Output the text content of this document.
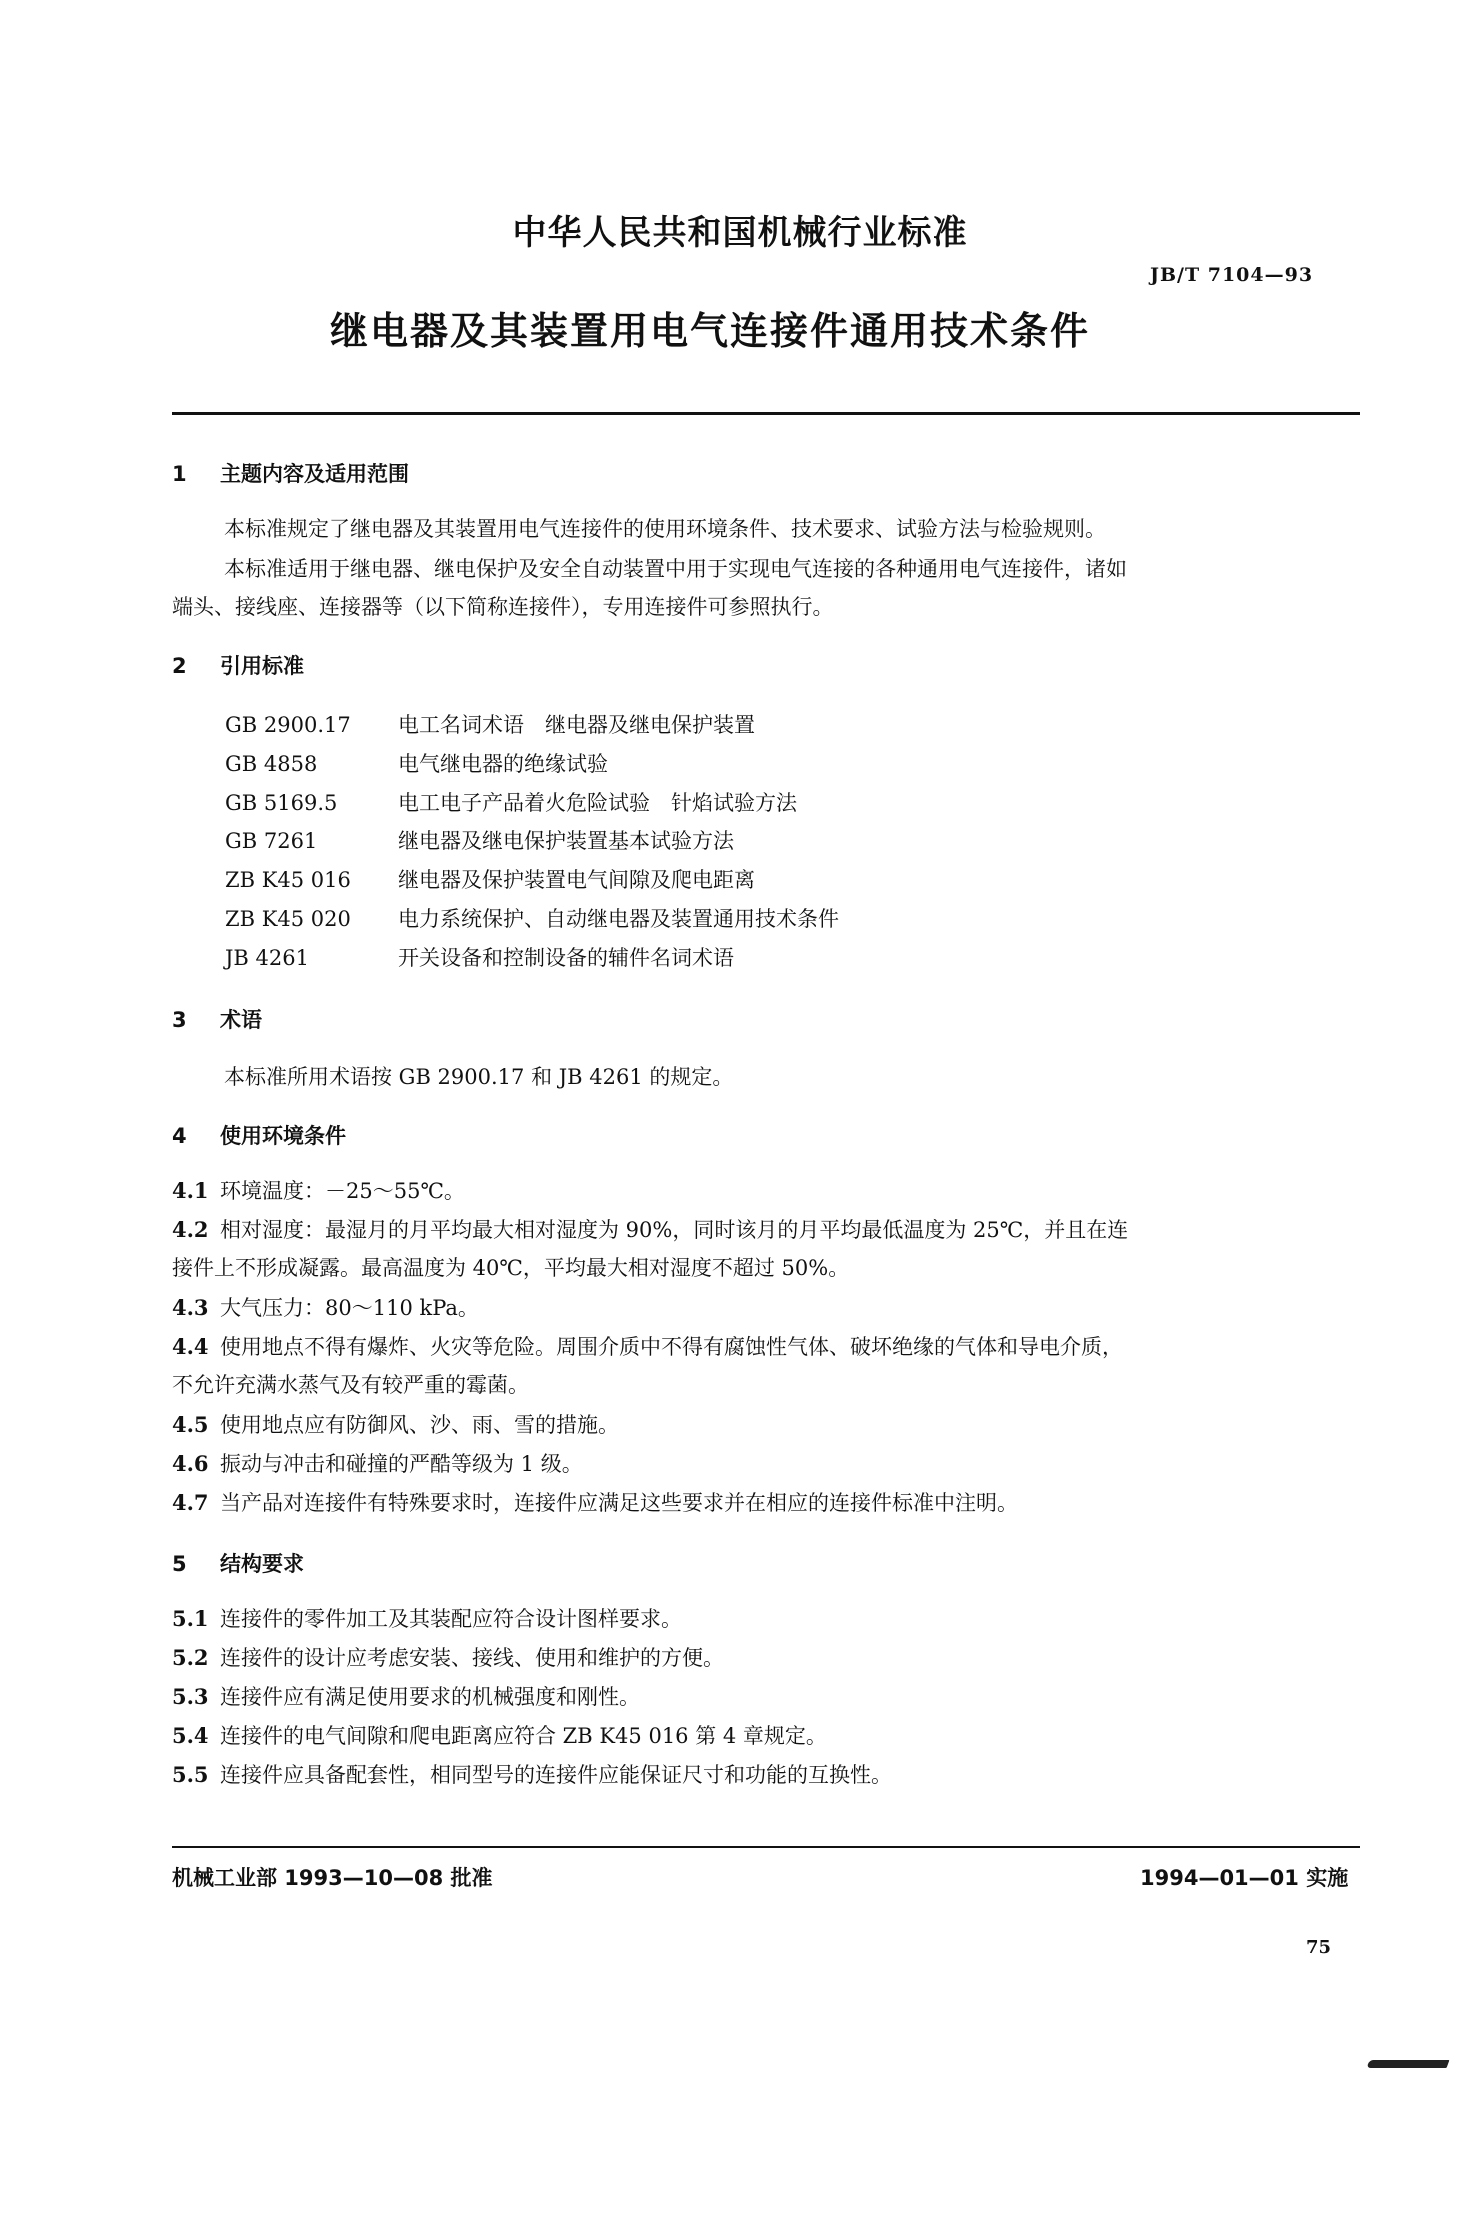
中华人民共和国机械行业标准
JB/T 7104—93
继电器及其装置用电气连接件通用技术条件
1 主题内容及适用范围
本标准规定了继电器及其装置用电气连接件的使用环境条件、技术要求、试验方法与检验规则。
本标准适用于继电器、继电保护及安全自动装置中用于实现电气连接的各种通用电气连接件，诸如
端头、接线座、连接器等（以下简称连接件），专用连接件可参照执行。
2 引用标准
GB 2900.17 电工名词术语　继电器及继电保护装置
GB 4858	电气继电器的绝缘试验
GB 5169.5	电工电子产品着火危险试验　针焰试验方法
GB 7261	继电器及继电保护装置基本试验方法
ZB K45 016 继电器及保护装置电气间隙及爬电距离
ZB K45 020 电力系统保护、自动继电器及装置通用技术条件
JB 4261	开关设备和控制设备的辅件名词术语
3 术语
本标准所用术语按 GB 2900.17 和 JB 4261 的规定。
4 使用环境条件
4.1 环境温度：－25～55℃。
4.2 相对湿度：最湿月的月平均最大相对湿度为 90%，同时该月的月平均最低温度为 25℃，并且在连
接件上不形成凝露。最高温度为 40℃，平均最大相对湿度不超过 50%。
4.3 大气压力：80～110 kPa。
4.4 使用地点不得有爆炸、火灾等危险。周围介质中不得有腐蚀性气体、破坏绝缘的气体和导电介质，
不允许充满水蒸气及有较严重的霉菌。
4.5 使用地点应有防御风、沙、雨、雪的措施。
4.6 振动与冲击和碰撞的严酷等级为 1 级。
4.7 当产品对连接件有特殊要求时，连接件应满足这些要求并在相应的连接件标准中注明。
5 结构要求
5.1 连接件的零件加工及其装配应符合设计图样要求。
5.2 连接件的设计应考虑安装、接线、使用和维护的方便。
5.3 连接件应有满足使用要求的机械强度和刚性。
5.4 连接件的电气间隙和爬电距离应符合 ZB K45 016 第 4 章规定。
5.5 连接件应具备配套性，相同型号的连接件应能保证尺寸和功能的互换性。
机械工业部 1993—10—08 批准	1994—01—01 实施
75
